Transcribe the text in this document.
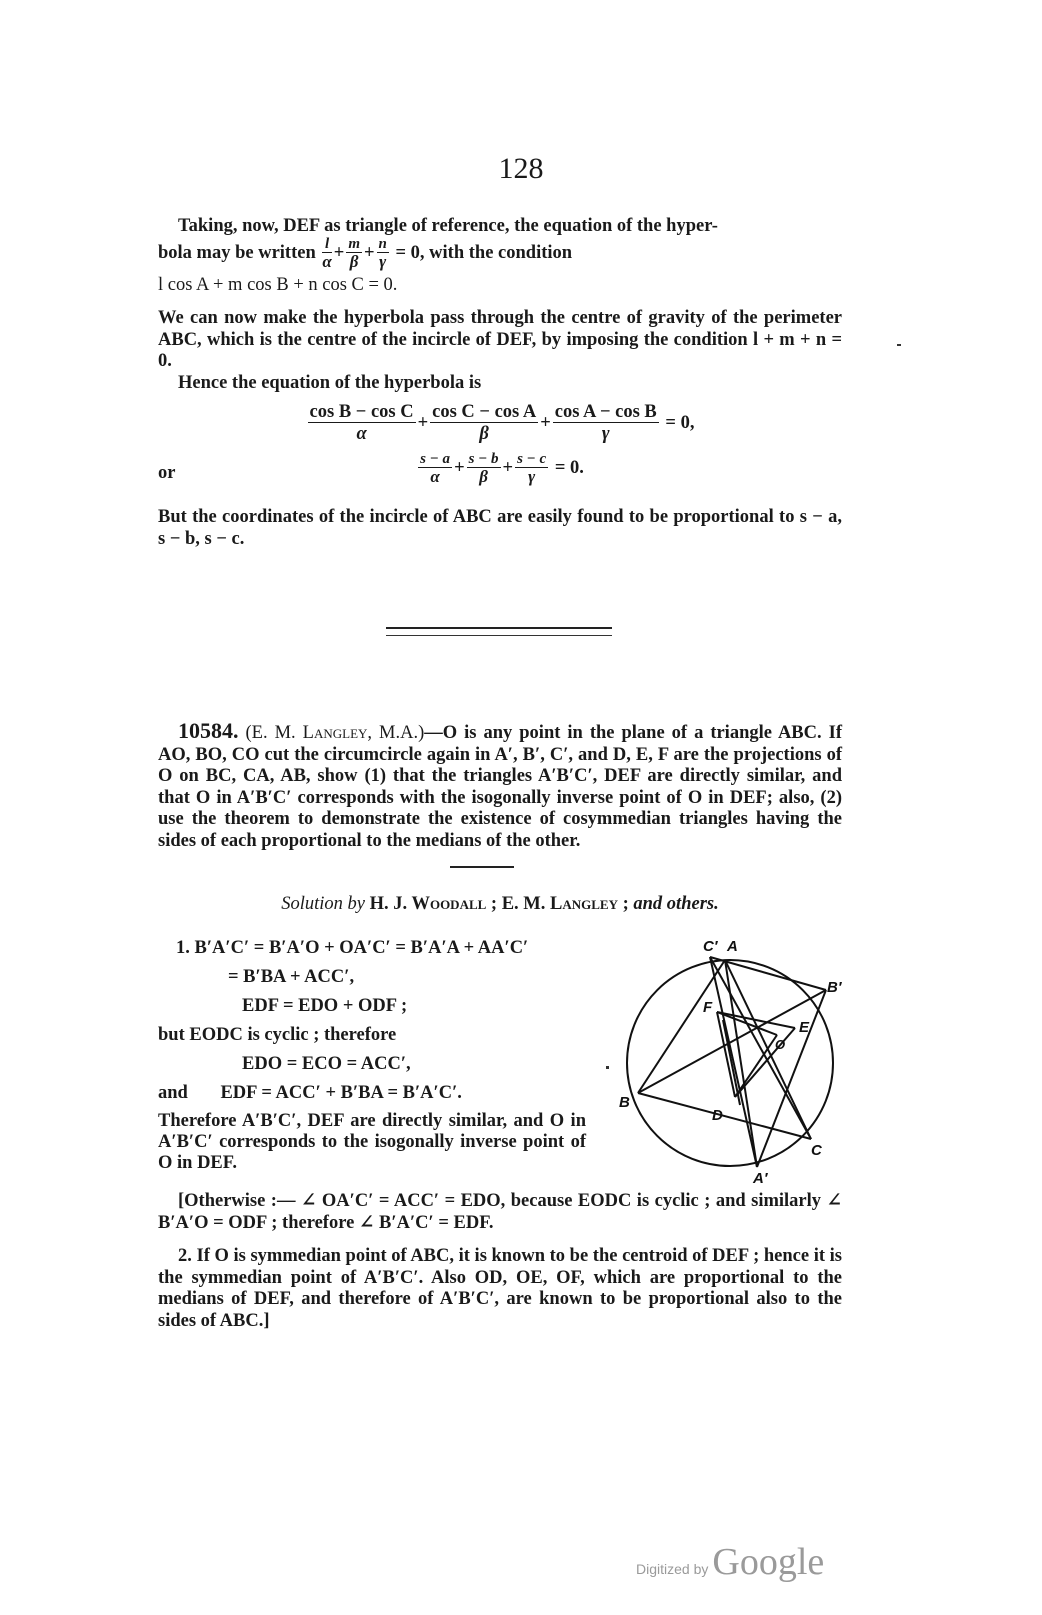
128

Taking, now, DEF as triangle of reference, the equation of the hyper-

bola may be written $\frac{l}{\alpha} + \frac{m}{\beta} + \frac{n}{\gamma} = 0$, with the condition

l cos A + m cos B + n cos C = 0.

We can now make the hyperbola pass through the centre of gravity of the perimeter ABC, which is the centre of the incircle of DEF, by imposing the condition l + m + n = 0.

Hence the equation of the hyperbola is

$\frac{\text{cos B − cos C}}{\alpha} + \frac{\text{cos C − cos A}}{\beta} + \frac{\text{cos A − cos B}}{\gamma} = 0$,
or	$\frac{s - a}{\alpha} + \frac{s - b}{\beta} + \frac{s - c}{\gamma} = 0$.

But the coordinates of the incircle of ABC are easily found to be proportional to s − a, s − b, s − c.

10584. (E. M. Langley, M.A.)—O is any point in the plane of a triangle ABC. If AO, BO, CO cut the circumcircle again in A′, B′, C′, and D, E, F are the projections of O on BC, CA, AB, show (1) that the triangles A′B′C′, DEF are directly similar, and that O in A′B′C′ corresponds with the isogonally inverse point of O in DEF; also, (2) use the theorem to demonstrate the existence of cosymmedian triangles having the sides of each proportional to the medians of the other.

Solution by H. J. Woodall ; E. M. Langley ; and others.
1. B′A′C′ = B′A′O + OA′C′ = B′A′A + AA′C′
= B′BA + ACC′,
EDF = EDO + ODF ;
but EODC is cyclic ; therefore
EDO = ECO = ACC′,
and EDF = ACC′ + B′BA = B′A′C′.

Therefore A′B′C′, DEF are directly similar, and O in A′B′C′ corresponds to the isogonally inverse point of O in DEF.

C′ A
B′
F
O
E
B
D
C
A′

[Otherwise :— ∠ OA′C′ = ACC′ = EDO, because EODC is cyclic ; and similarly ∠ B′A′O = ODF ; therefore ∠ B′A′C′ = EDF.

2. If O is symmedian point of ABC, it is known to be the centroid of DEF ; hence it is the symmedian point of A′B′C′. Also OD, OE, OF, which are proportional to the medians of DEF, and therefore of A′B′C′, are known to be proportional also to the sides of ABC.]

Digitized by Google
